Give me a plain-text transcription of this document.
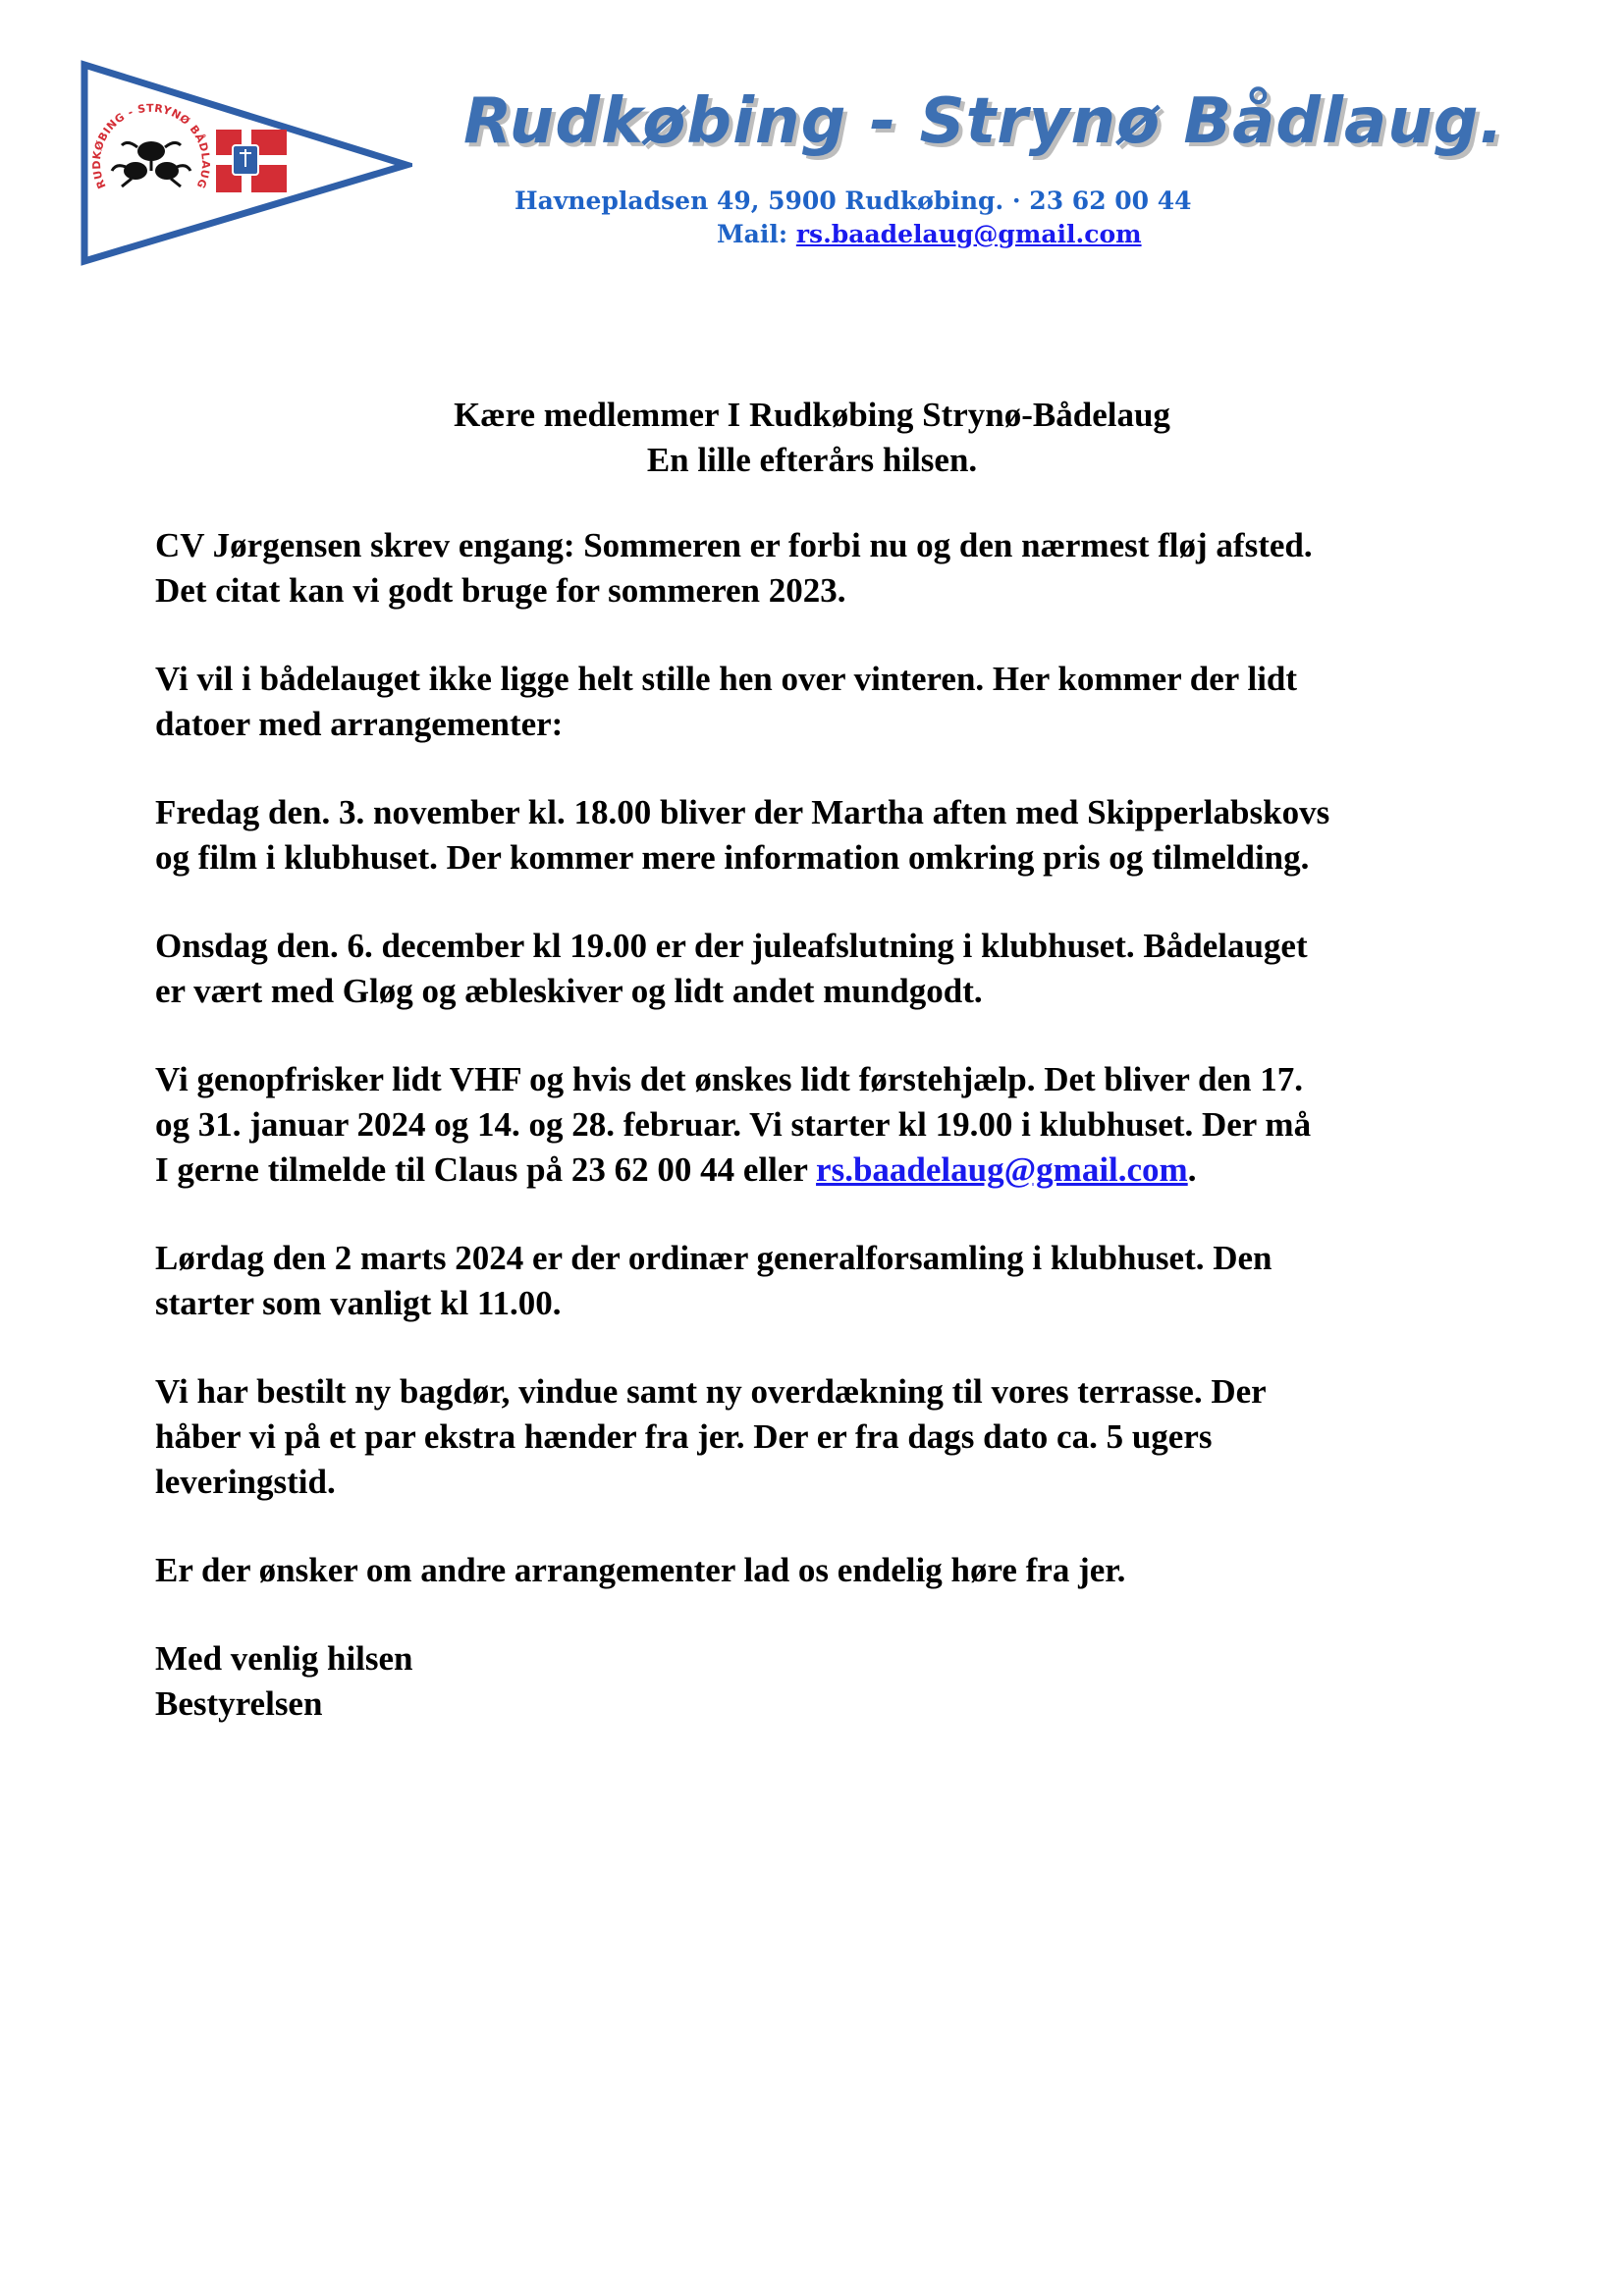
RUDKØBING - STRYNØ BÅDLAUG
Rudkøbing - Strynø Bådlaug.
Havnepladsen 49, 5900 Rudkøbing. · 23 62 00 44
Mail: rs.baadelaug@gmail.com
Kære medlemmer I Rudkøbing Strynø-Bådelaug
En lille efterårs hilsen.

CV Jørgensen skrev engang: Sommeren er forbi nu og den nærmest fløj afsted.
Det citat kan vi godt bruge for sommeren 2023.

Vi vil i bådelauget ikke ligge helt stille hen over vinteren. Her kommer der lidt
datoer med arrangementer:

Fredag den. 3. november kl. 18.00 bliver der Martha aften med Skipperlabskovs
og film i klubhuset. Der kommer mere information omkring pris og tilmelding.

Onsdag den. 6. december kl 19.00 er der juleafslutning i klubhuset. Bådelauget
er vært med Gløg og æbleskiver og lidt andet mundgodt.

Vi genopfrisker lidt VHF og hvis det ønskes lidt førstehjælp. Det bliver den 17.
og 31. januar 2024 og 14. og 28. februar. Vi starter kl 19.00 i klubhuset. Der må
I gerne tilmelde til Claus på 23 62 00 44 eller rs.baadelaug@gmail.com.

Lørdag den 2 marts 2024 er der ordinær generalforsamling i klubhuset. Den
starter som vanligt kl 11.00.

Vi har bestilt ny bagdør, vindue samt ny overdækning til vores terrasse. Der
håber vi på et par ekstra hænder fra jer. Der er fra dags dato ca. 5 ugers
leveringstid.

Er der ønsker om andre arrangementer lad os endelig høre fra jer.

Med venlig hilsen
Bestyrelsen
